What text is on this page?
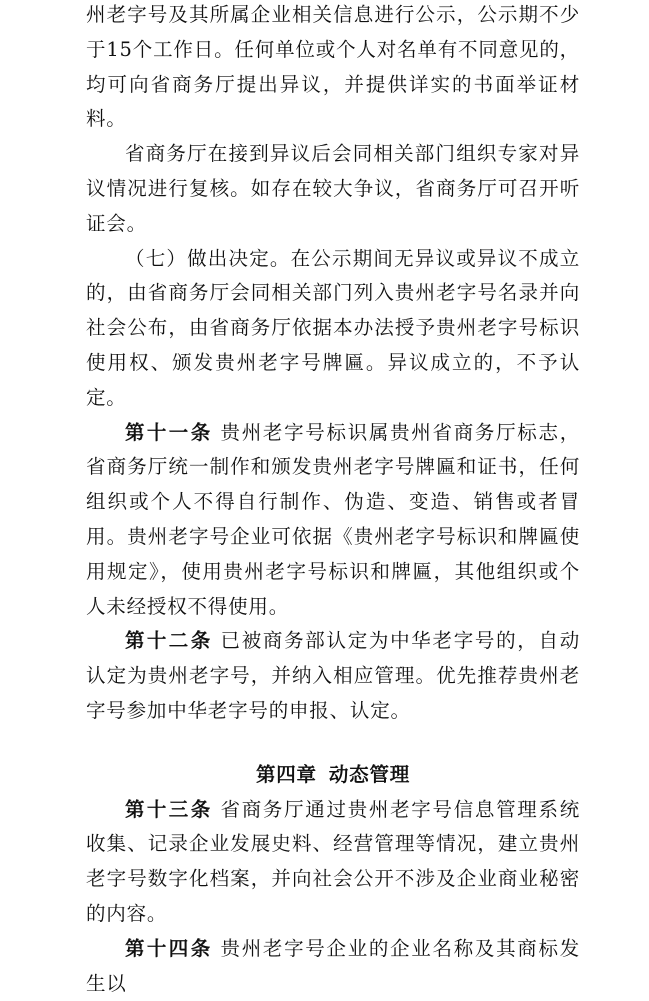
州老字号及其所属企业相关信息进行公示，公示期不少于15个工作日。任何单位或个人对名单有不同意见的，均可向省商务厅提出异议，并提供详实的书面举证材料。

省商务厅在接到异议后会同相关部门组织专家对异议情况进行复核。如存在较大争议，省商务厅可召开听证会。

（七）做出决定。在公示期间无异议或异议不成立的，由省商务厅会同相关部门列入贵州老字号名录并向社会公布，由省商务厅依据本办法授予贵州老字号标识使用权、颁发贵州老字号牌匾。异议成立的，不予认定。

第十一条 贵州老字号标识属贵州省商务厅标志，省商务厅统一制作和颁发贵州老字号牌匾和证书，任何组织或个人不得自行制作、伪造、变造、销售或者冒用。贵州老字号企业可依据《贵州老字号标识和牌匾使用规定》，使用贵州老字号标识和牌匾，其他组织或个人未经授权不得使用。

第十二条 已被商务部认定为中华老字号的，自动认定为贵州老字号，并纳入相应管理。优先推荐贵州老字号参加中华老字号的申报、认定。

第四章 动态管理

第十三条 省商务厅通过贵州老字号信息管理系统收集、记录企业发展史料、经营管理等情况，建立贵州老字号数字化档案，并向社会公开不涉及企业商业秘密的内容。

第十四条 贵州老字号企业的企业名称及其商标发生以
